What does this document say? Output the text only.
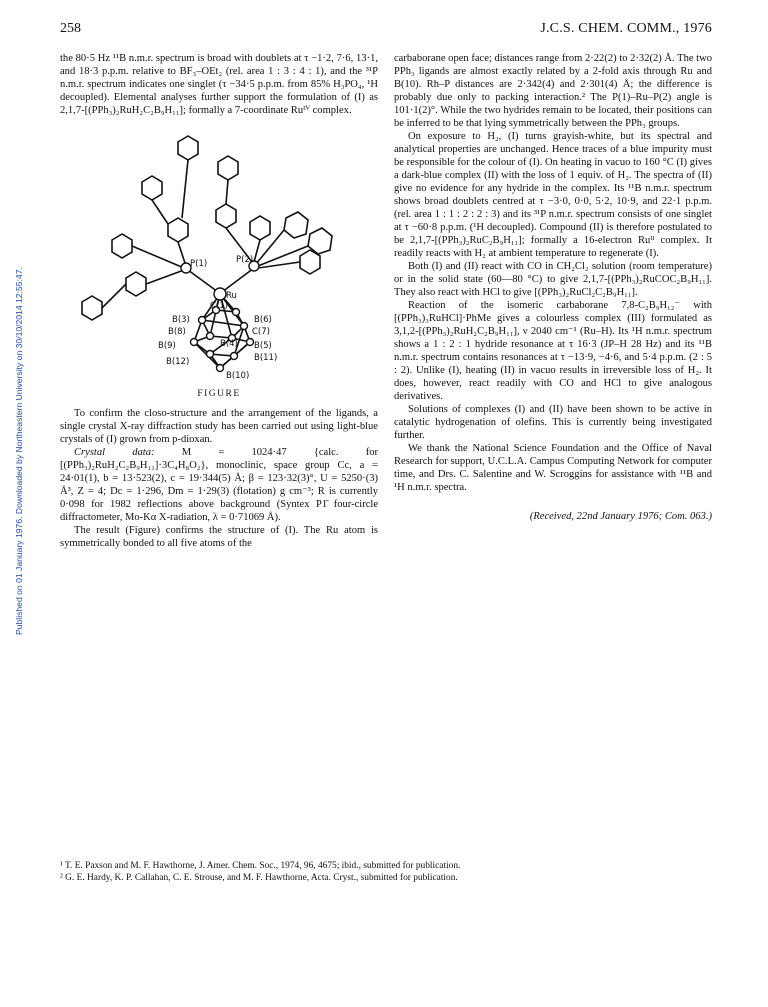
Published on 01 January 1976. Downloaded by Northeastern University on 30/10/2014 12:55:47.
258	J.C.S. CHEM. COMM., 1976

the 80·5 Hz ¹¹B n.m.r. spectrum is broad with doublets at τ −1·2, 7·6, 13·1, and 18·3 p.p.m. relative to BF₃–OEt₂ (rel. area 1 : 3 : 4 : 1), and the ³¹P n.m.r. spectrum indicates one singlet (τ −34·5 p.p.m. from 85% H₃PO₄, ¹H decoupled). Elemental analyses further support the formulation of (I) as 2,1,7-[(PPh₃)₂RuH₂C₂B₉H₁₁]; formally a 7-coordinate Ruᴵⱽ complex.

P(1)	P(2)
Ru
C(1)
B(3)	B(6)
B(8)	C(7)
B(5)
B(9)	B(4)
B(11)
B(12)
B(10)
FIGURE

To confirm the closo-structure and the arrangement of the ligands, a single crystal X-ray diffraction study has been carried out using light-blue crystals of (I) grown from p-dioxan.

Crystal data:	M = 1024·47 {calc. for [(PPh₃)₂RuH₂C₂B₉H₁₁]·3C₄H₈O₂}, monoclinic, space group Cc, a = 24·01(1), b = 13·523(2), c = 19·344(5) Å; β = 123·32(3)°, U = 5250·(3) Å³, Z = 4; Dc = 1·296, Dm = 1·29(3) (flotation) g cm⁻³; R is currently 0·098 for 1982 reflections above background (Syntex P1̄ four-circle diffractometer, Mo-Kα X-radiation, λ = 0·71069 Å).

The result (Figure) confirms the structure of (I). The Ru atom is symmetrically bonded to all five atoms of the

carbaborane open face; distances range from 2·22(2) to 2·32(2) Å. The two PPh₃ ligands are almost exactly related by a 2-fold axis through Ru and B(10). Rh–P distances are 2·342(4) and 2·301(4) Å; the difference is probably due only to packing interaction.² The P(1)–Ru–P(2) angle is 101·1(2)°. While the two hydrides remain to be located, their positions can be inferred to be that lying symmetrically between the PPh₃ groups.

On exposure to H₂, (I) turns grayish-white, but its spectral and analytical properties are unchanged. Hence traces of a blue impurity must be responsible for the colour of (I). On heating in vacuo to 160 °C (I) gives a dark-blue complex (II) with the loss of 1 equiv. of H₂. The spectra of (II) give no evidence for any hydride in the complex. Its ¹¹B n.m.r. spectrum shows broad doublets centred at τ −3·0, 0·0, 5·2, 10·9, and 22·1 p.p.m. (rel. area 1 : 1 : 2 : 2 : 3) and its ³¹P n.m.r. spectrum consists of one singlet at τ −60·8 p.p.m. (¹H decoupled). Compound (II) is therefore postulated to be 2,1,7-[(PPh₃)₂RuC₂B₉H₁₁]; formally a 16-electron Ruᴵᴵ complex. It readily reacts with H₂ at ambient temperature to regenerate (I).

Both (I) and (II) react with CO in CH₂Cl₂ solution (room temperature) or in the solid state (60—80 °C) to give 2,1,7-[(PPh₃)₂RuCOC₂B₉H₁₁]. They also react with HCl to give [(PPh₃)₂RuCl₂C₂B₉H₁₁].

Reaction of the isomeric carbaborane 7,8-C₂B₉H₁₂⁻ with [(PPh₃)₃RuHCl]·PhMe gives a colourless complex (III) formulated as 3,1,2-[(PPh₃)₂RuH₂C₂B₉H₁₁], ν 2040 cm⁻¹ (Ru–H). Its ¹H n.m.r. spectrum shows a 1 : 2 : 1 hydride resonance at τ 16·3 (JP–H 28 Hz) and its ¹¹B n.m.r. spectrum contains resonances at τ −13·9, −4·6, and 5·4 p.p.m. (2 : 5 : 2). Unlike (I), heating (II) in vacuo results in irreversible loss of H₂. It does, however, react readily with CO and HCl to give analogous derivatives.

Solutions of complexes (I) and (II) have been shown to be active in catalytic hydrogenation of olefins. This is currently being investigated further.

We thank the National Science Foundation and the Office of Naval Research for support, U.C.L.A. Campus Computing Network for computer time, and Drs. C. Salentine and W. Scroggins for assistance with ¹¹B and ¹H n.m.r. spectra.

(Received, 22nd January 1976; Com. 063.)

¹ T. E. Paxson and M. F. Hawthorne, J. Amer. Chem. Soc., 1974, 96, 4675; ibid., submitted for publication.

² G. E. Hardy, K. P. Callahan, C. E. Strouse, and M. F. Hawthorne, Acta. Cryst., submitted for publication.
